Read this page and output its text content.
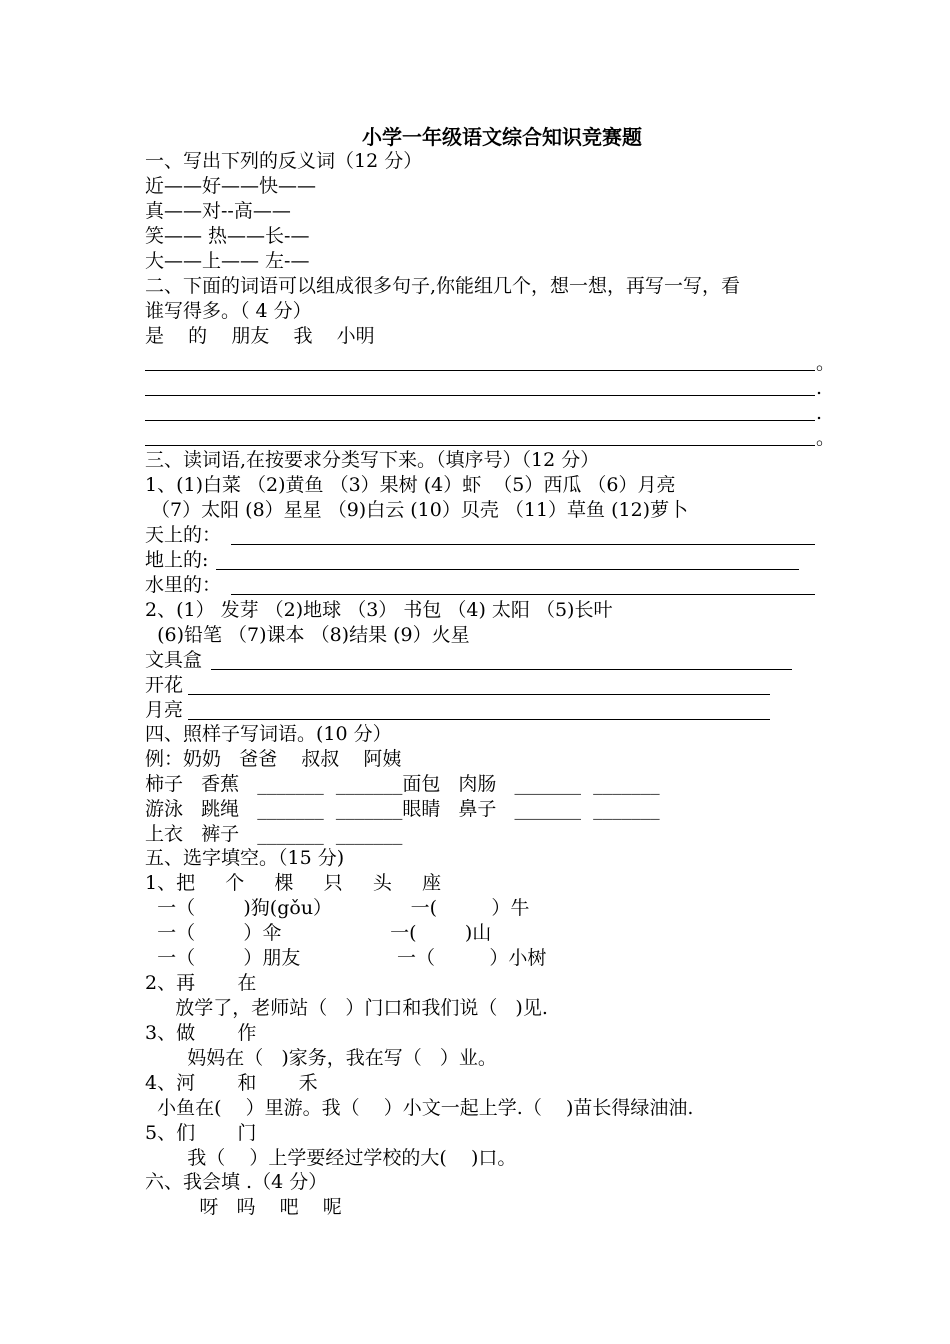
小学一年级语文综合知识竞赛题
一、写出下列的反义词（12 分）
近——好——快——
真——对--高——
笑—— 热——长-—
大——上—— 左-—
二、下面的词语可以组成很多句子,你能组几个，想一想，再写一写，看
谁写得多。（ 4 分）
是    的    朋友    我    小明
。
.
.
。
三、读词语,在按要求分类写下来。（填序号）（12 分）
1、(1)白菜 （2)黄鱼 （3）果树 (4）虾  （5）西瓜 （6）月亮
（7）太阳 (8）星星 （9)白云 (10）贝壳 （11）草鱼 (12)萝卜
天上的：
地上的:
水里的：
2、(1） 发芽 （2)地球 （3） 书包 （4) 太阳 （5)长叶
(6)铅笔 （7)课本 （8)结果 (9）火星
文具盒
开花
月亮
四、照样子写词语。(10 分）
例：奶奶   爸爸    叔叔    阿姨
柿子   香蕉   _______  _______面包   肉肠   _______  _______
游泳   跳绳   _______  _______眼睛   鼻子   _______  _______
上衣   裤子   _______  _______
五、选字填空。（15 分)
1、把     个     棵     只     头     座
一（        )狗(gǒu）             一(         ）牛
一（        ）伞                  一(        )山
一（        ）朋友                一（         ）小树
2、再       在
放学了，老师站（   ）门口和我们说（   )见.
3、做       作
妈妈在（   )家务，我在写（   ）业。
4、河       和       禾
小鱼在(    ）里游。我（    ）小文一起上学.（    )苗长得绿油油.
5、们       门
我（    ）上学要经过学校的大(    )口。
六、我会填 .（4 分）
呀   吗    吧    呢
